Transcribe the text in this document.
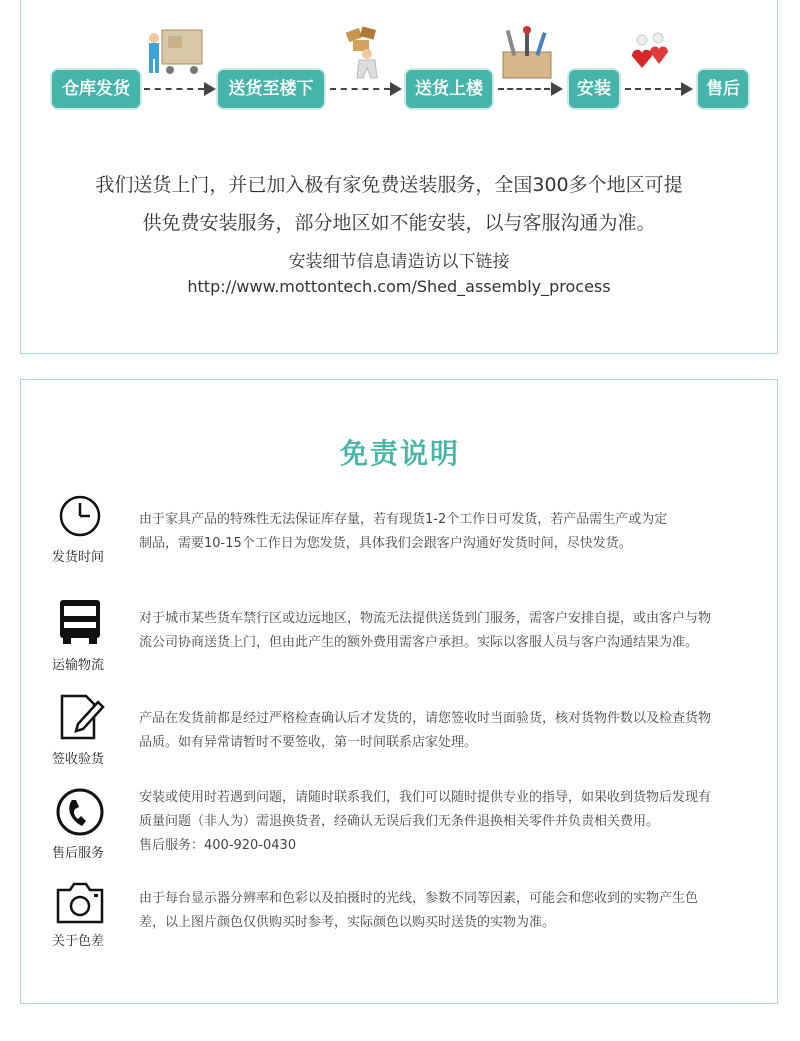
仓库发货	送货至楼下	送货上楼	安装	售后
我们送货上门，并已加入极有家免费送装服务，全国300多个地区可提
供免费安装服务，部分地区如不能安装，以与客服沟通为准。
安装细节信息请造访以下链接
http://www.mottontech.com/Shed_assembly_process
免责说明
发货时间
由于家具产品的特殊性无法保证库存量，若有现货1-2个工作日可发货，若产品需生产或为定
制品，需要10-15个工作日为您发货，具体我们会跟客户沟通好发货时间，尽快发货。
运输物流
对于城市某些货车禁行区或边远地区，物流无法提供送货到门服务，需客户安排自提，或由客户与物
流公司协商送货上门，但由此产生的额外费用需客户承担。实际以客服人员与客户沟通结果为准。
签收验货
产品在发货前都是经过严格检查确认后才发货的，请您签收时当面验货，核对货物件数以及检查货物
品质。如有异常请暂时不要签收，第一时间联系店家处理。
售后服务
安装或使用时若遇到问题，请随时联系我们，我们可以随时提供专业的指导，如果收到货物后发现有
质量问题（非人为）需退换货者，经确认无误后我们无条件退换相关零件并负责相关费用。
售后服务：400-920-0430
关于色差
由于每台显示器分辨率和色彩以及拍摄时的光线，参数不同等因素，可能会和您收到的实物产生色
差，以上图片颜色仅供购买时参考，实际颜色以购买时送货的实物为准。
